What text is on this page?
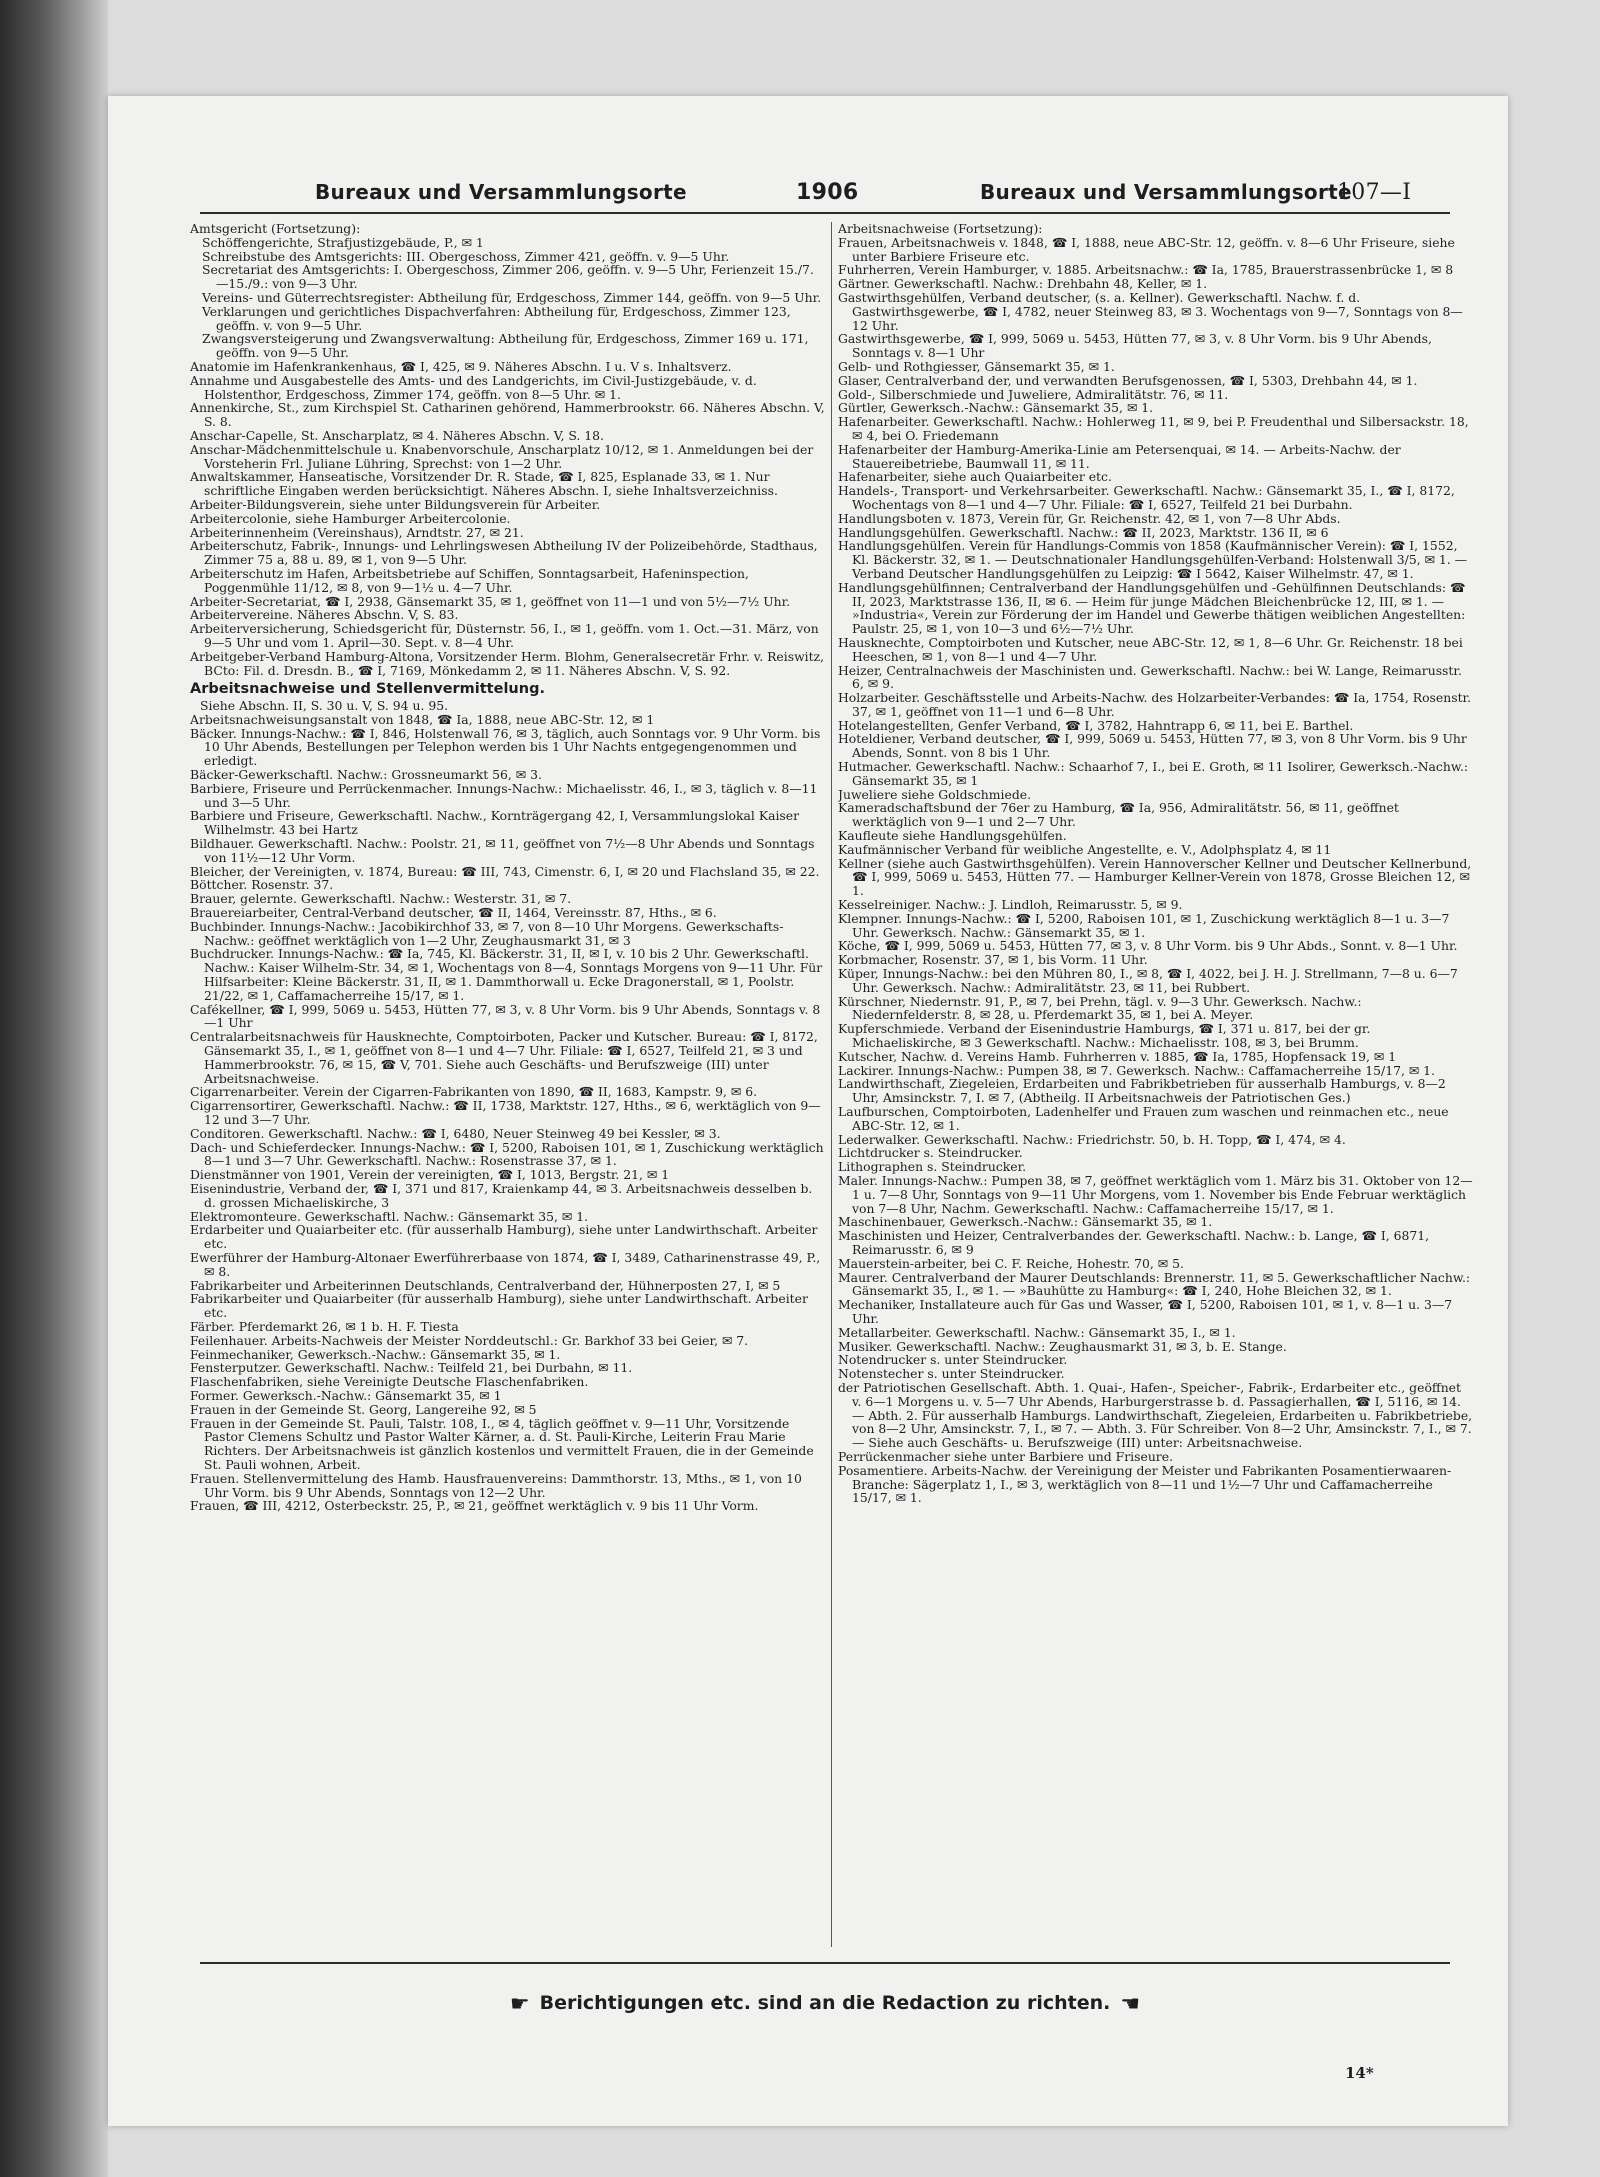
Bureaux und Versammlungsorte	1906	Bureaux und Versammlungsorte
107—I

Amtsgericht (Fortsetzung):

Schöffengerichte, Strafjustizgebäude, P., ✉ 1

Schreibstube des Amtsgerichts: III. Obergeschoss, Zimmer 421, geöffn. v. 9—5 Uhr.

Secretariat des Amtsgerichts: I. Obergeschoss, Zimmer 206, geöffn. v. 9—5 Uhr, Ferienzeit 15./7.—15./9.: von 9—3 Uhr.

Vereins- und Güterrechtsregister: Abtheilung für, Erdgeschoss, Zimmer 144, geöffn. von 9—5 Uhr.

Verklarungen und gerichtliches Dispachverfahren: Abtheilung für, Erdgeschoss, Zimmer 123, geöffn. v. von 9—5 Uhr.

Zwangsversteigerung und Zwangsverwaltung: Abtheilung für, Erdgeschoss, Zimmer 169 u. 171, geöffn. von 9—5 Uhr.

Anatomie im Hafenkrankenhaus, ☎ I, 425, ✉ 9. Näheres Abschn. I u. V s. Inhaltsverz.

Annahme und Ausgabestelle des Amts- und des Landgerichts, im Civil-Justizgebäude, v. d. Holstenthor, Erdgeschoss, Zimmer 174, geöffn. von 8—5 Uhr. ✉ 1.

Annenkirche, St., zum Kirchspiel St. Catharinen gehörend, Hammerbrookstr. 66. Näheres Abschn. V, S. 8.

Anschar-Capelle, St. Anscharplatz, ✉ 4. Näheres Abschn. V, S. 18.

Anschar-Mädchenmittelschule u. Knabenvorschule, Anscharplatz 10/12, ✉ 1. Anmeldungen bei der Vorsteherin Frl. Juliane Lühring, Sprechst: von 1—2 Uhr.

Anwaltskammer, Hanseatische, Vorsitzender Dr. R. Stade, ☎ I, 825, Esplanade 33, ✉ 1. Nur schriftliche Eingaben werden berücksichtigt. Näheres Abschn. I, siehe Inhaltsverzeichniss.

Arbeiter-Bildungsverein, siehe unter Bildungsverein für Arbeiter.

Arbeitercolonie, siehe Hamburger Arbeitercolonie.

Arbeiterinnenheim (Vereinshaus), Arndtstr. 27, ✉ 21.

Arbeiterschutz, Fabrik-, Innungs- und Lehrlingswesen Abtheilung IV der Polizeibehörde, Stadthaus, Zimmer 75 a, 88 u. 89, ✉ 1, von 9—5 Uhr.

Arbeiterschutz im Hafen, Arbeitsbetriebe auf Schiffen, Sonntagsarbeit, Hafeninspection, Poggenmühle 11/12, ✉ 8, von 9—1½ u. 4—7 Uhr.

Arbeiter-Secretariat, ☎ I, 2938, Gänsemarkt 35, ✉ 1, geöffnet von 11—1 und von 5½—7½ Uhr.

Arbeitervereine. Näheres Abschn. V, S. 83.

Arbeiterversicherung, Schiedsgericht für, Düsternstr. 56, I., ✉ 1, geöffn. vom 1. Oct.—31. März, von 9—5 Uhr und vom 1. April—30. Sept. v. 8—4 Uhr.

Arbeitgeber-Verband Hamburg-Altona, Vorsitzender Herm. Blohm, Generalsecretär Frhr. v. Reiswitz, BCto: Fil. d. Dresdn. B., ☎ I, 7169, Mönkedamm 2, ✉ 11. Näheres Abschn. V, S. 92.

Arbeitsnachweise und Stellenvermittelung.

Siehe Abschn. II, S. 30 u. V, S. 94 u. 95.

Arbeitsnachweisungsanstalt von 1848, ☎ Ia, 1888, neue ABC-Str. 12, ✉ 1

Bäcker. Innungs-Nachw.: ☎ I, 846, Holstenwall 76, ✉ 3, täglich, auch Sonntags vor. 9 Uhr Vorm. bis 10 Uhr Abends, Bestellungen per Telephon werden bis 1 Uhr Nachts entgegengenommen und erledigt.

Bäcker-Gewerkschaftl. Nachw.: Grossneumarkt 56, ✉ 3.

Barbiere, Friseure und Perrückenmacher. Innungs-Nachw.: Michaelisstr. 46, I., ✉ 3, täglich v. 8—11 und 3—5 Uhr.

Barbiere und Friseure, Gewerkschaftl. Nachw., Kornträgergang 42, I, Versammlungslokal Kaiser Wilhelmstr. 43 bei Hartz

Bildhauer. Gewerkschaftl. Nachw.: Poolstr. 21, ✉ 11, geöffnet von 7½—8 Uhr Abends und Sonntags von 11½—12 Uhr Vorm.

Bleicher, der Vereinigten, v. 1874, Bureau: ☎ III, 743, Cimenstr. 6, I, ✉ 20 und Flachsland 35, ✉ 22.

Böttcher. Rosenstr. 37.

Brauer, gelernte. Gewerkschaftl. Nachw.: Westerstr. 31, ✉ 7.

Brauereiarbeiter, Central-Verband deutscher, ☎ II, 1464, Vereinsstr. 87, Hths., ✉ 6.

Buchbinder. Innungs-Nachw.: Jacobikirchhof 33, ✉ 7, von 8—10 Uhr Morgens. Gewerkschafts-Nachw.: geöffnet werktäglich von 1—2 Uhr, Zeughausmarkt 31, ✉ 3

Buchdrucker. Innungs-Nachw.: ☎ Ia, 745, Kl. Bäckerstr. 31, II, ✉ I, v. 10 bis 2 Uhr. Gewerkschaftl. Nachw.: Kaiser Wilhelm-Str. 34, ✉ 1, Wochentags von 8—4, Sonntags Morgens von 9—11 Uhr. Für Hilfsarbeiter: Kleine Bäckerstr. 31, II, ✉ 1. Dammthorwall u. Ecke Dragonerstall, ✉ 1, Poolstr. 21/22, ✉ 1, Caffamacherreihe 15/17, ✉ 1.

Cafékellner, ☎ I, 999, 5069 u. 5453, Hütten 77, ✉ 3, v. 8 Uhr Vorm. bis 9 Uhr Abends, Sonntags v. 8—1 Uhr

Centralarbeitsnachweis für Hausknechte, Comptoirboten, Packer und Kutscher. Bureau: ☎ I, 8172, Gänsemarkt 35, I., ✉ 1, geöffnet von 8—1 und 4—7 Uhr. Filiale: ☎ I, 6527, Teilfeld 21, ✉ 3 und Hammerbrookstr. 76, ✉ 15, ☎ V, 701. Siehe auch Geschäfts- und Berufszweige (III) unter Arbeitsnachweise.

Cigarrenarbeiter. Verein der Cigarren-Fabrikanten von 1890, ☎ II, 1683, Kampstr. 9, ✉ 6.

Cigarrensortirer, Gewerkschaftl. Nachw.: ☎ II, 1738, Marktstr. 127, Hths., ✉ 6, werktäglich von 9—12 und 3—7 Uhr.

Conditoren. Gewerkschaftl. Nachw.: ☎ I, 6480, Neuer Steinweg 49 bei Kessler, ✉ 3.

Dach- und Schieferdecker. Innungs-Nachw.: ☎ I, 5200, Raboisen 101, ✉ 1, Zuschickung werktäglich 8—1 und 3—7 Uhr. Gewerkschaftl. Nachw.: Rosenstrasse 37, ✉ 1.

Dienstmänner von 1901, Verein der vereinigten, ☎ I, 1013, Bergstr. 21, ✉ 1

Eisenindustrie, Verband der, ☎ I, 371 und 817, Kraienkamp 44, ✉ 3. Arbeitsnachweis desselben b. d. grossen Michaeliskirche, 3

Elektromonteure. Gewerkschaftl. Nachw.: Gänsemarkt 35, ✉ 1.

Erdarbeiter und Quaiarbeiter etc. (für ausserhalb Hamburg), siehe unter Landwirthschaft. Arbeiter etc.

Ewerführer der Hamburg-Altonaer Ewerführerbaase von 1874, ☎ I, 3489, Catharinenstrasse 49, P., ✉ 8.

Fabrikarbeiter und Arbeiterinnen Deutschlands, Centralverband der, Hühnerposten 27, I, ✉ 5

Fabrikarbeiter und Quaiarbeiter (für ausserhalb Hamburg), siehe unter Landwirthschaft. Arbeiter etc.

Färber. Pferdemarkt 26, ✉ 1 b. H. F. Tiesta

Feilenhauer. Arbeits-Nachweis der Meister Norddeutschl.: Gr. Barkhof 33 bei Geier, ✉ 7.

Feinmechaniker, Gewerksch.-Nachw.: Gänsemarkt 35, ✉ 1.

Fensterputzer. Gewerkschaftl. Nachw.: Teilfeld 21, bei Durbahn, ✉ 11.

Flaschenfabriken, siehe Vereinigte Deutsche Flaschenfabriken.

Former. Gewerksch.-Nachw.: Gänsemarkt 35, ✉ 1

Frauen in der Gemeinde St. Georg, Langereihe 92, ✉ 5

Frauen in der Gemeinde St. Pauli, Talstr. 108, I., ✉ 4, täglich geöffnet v. 9—11 Uhr, Vorsitzende Pastor Clemens Schultz und Pastor Walter Kärner, a. d. St. Pauli-Kirche, Leiterin Frau Marie Richters. Der Arbeitsnachweis ist gänzlich kostenlos und vermittelt Frauen, die in der Gemeinde St. Pauli wohnen, Arbeit.

Frauen. Stellenvermittelung des Hamb. Hausfrauenvereins: Dammthorstr. 13, Mths., ✉ 1, von 10 Uhr Vorm. bis 9 Uhr Abends, Sonntags von 12—2 Uhr.

Frauen, ☎ III, 4212, Osterbeckstr. 25, P., ✉ 21, geöffnet werktäglich v. 9 bis 11 Uhr Vorm.

Arbeitsnachweise (Fortsetzung):

Frauen, Arbeitsnachweis v. 1848, ☎ I, 1888, neue ABC-Str. 12, geöffn. v. 8—6 Uhr Friseure, siehe unter Barbiere Friseure etc.

Fuhrherren, Verein Hamburger, v. 1885. Arbeitsnachw.: ☎ Ia, 1785, Brauerstrassenbrücke 1, ✉ 8

Gärtner. Gewerkschaftl. Nachw.: Drehbahn 48, Keller, ✉ 1.

Gastwirthsgehülfen, Verband deutscher, (s. a. Kellner). Gewerkschaftl. Nachw. f. d. Gastwirthsgewerbe, ☎ I, 4782, neuer Steinweg 83, ✉ 3. Wochentags von 9—7, Sonntags von 8—12 Uhr.

Gastwirthsgewerbe, ☎ I, 999, 5069 u. 5453, Hütten 77, ✉ 3, v. 8 Uhr Vorm. bis 9 Uhr Abends, Sonntags v. 8—1 Uhr

Gelb- und Rothgiesser, Gänsemarkt 35, ✉ 1.

Glaser, Centralverband der, und verwandten Berufsgenossen, ☎ I, 5303, Drehbahn 44, ✉ 1.

Gold-, Silberschmiede und Juweliere, Admiralitätstr. 76, ✉ 11.

Gürtler, Gewerksch.-Nachw.: Gänsemarkt 35, ✉ 1.

Hafenarbeiter. Gewerkschaftl. Nachw.: Hohlerweg 11, ✉ 9, bei P. Freudenthal und Silbersackstr. 18, ✉ 4, bei O. Friedemann

Hafenarbeiter der Hamburg-Amerika-Linie am Petersenquai, ✉ 14. — Arbeits-Nachw. der Stauereibetriebe, Baumwall 11, ✉ 11.

Hafenarbeiter, siehe auch Quaiarbeiter etc.

Handels-, Transport- und Verkehrsarbeiter. Gewerkschaftl. Nachw.: Gänsemarkt 35, I., ☎ I, 8172, Wochentags von 8—1 und 4—7 Uhr. Filiale: ☎ I, 6527, Teilfeld 21 bei Durbahn.

Handlungsboten v. 1873, Verein für, Gr. Reichenstr. 42, ✉ 1, von 7—8 Uhr Abds.

Handlungsgehülfen. Gewerkschaftl. Nachw.: ☎ II, 2023, Marktstr. 136 II, ✉ 6

Handlungsgehülfen. Verein für Handlungs-Commis von 1858 (Kaufmännischer Verein): ☎ I, 1552, Kl. Bäckerstr. 32, ✉ 1. — Deutschnationaler Handlungsgehülfen-Verband: Holstenwall 3/5, ✉ 1. — Verband Deutscher Handlungsgehülfen zu Leipzig: ☎ I 5642, Kaiser Wilhelmstr. 47, ✉ 1.

Handlungsgehülfinnen; Centralverband der Handlungsgehülfen und -Gehülfinnen Deutschlands: ☎ II, 2023, Marktstrasse 136, II, ✉ 6. — Heim für junge Mädchen Bleichenbrücke 12, III, ✉ 1. — »Industria«, Verein zur Förderung der im Handel und Gewerbe thätigen weiblichen Angestellten: Paulstr. 25, ✉ 1, von 10—3 und 6½—7½ Uhr.

Hausknechte, Comptoirboten und Kutscher, neue ABC-Str. 12, ✉ 1, 8—6 Uhr. Gr. Reichenstr. 18 bei Heeschen, ✉ 1, von 8—1 und 4—7 Uhr.

Heizer, Centralnachweis der Maschinisten und. Gewerkschaftl. Nachw.: bei W. Lange, Reimarusstr. 6, ✉ 9.

Holzarbeiter. Geschäftsstelle und Arbeits-Nachw. des Holzarbeiter-Verbandes: ☎ Ia, 1754, Rosenstr. 37, ✉ 1, geöffnet von 11—1 und 6—8 Uhr.

Hotelangestellten, Genfer Verband, ☎ I, 3782, Hahntrapp 6, ✉ 11, bei E. Barthel.

Hoteldiener, Verband deutscher, ☎ I, 999, 5069 u. 5453, Hütten 77, ✉ 3, von 8 Uhr Vorm. bis 9 Uhr Abends, Sonnt. von 8 bis 1 Uhr.

Hutmacher. Gewerkschaftl. Nachw.: Schaarhof 7, I., bei E. Groth, ✉ 11 Isolirer, Gewerksch.-Nachw.: Gänsemarkt 35, ✉ 1

Juweliere siehe Goldschmiede.

Kameradschaftsbund der 76er zu Hamburg, ☎ Ia, 956, Admiralitätstr. 56, ✉ 11, geöffnet werktäglich von 9—1 und 2—7 Uhr.

Kaufleute siehe Handlungsgehülfen.

Kaufmännischer Verband für weibliche Angestellte, e. V., Adolphsplatz 4, ✉ 11

Kellner (siehe auch Gastwirthsgehülfen). Verein Hannoverscher Kellner und Deutscher Kellnerbund, ☎ I, 999, 5069 u. 5453, Hütten 77. — Hamburger Kellner-Verein von 1878, Grosse Bleichen 12, ✉ 1.

Kesselreiniger. Nachw.: J. Lindloh, Reimarusstr. 5, ✉ 9.

Klempner. Innungs-Nachw.: ☎ I, 5200, Raboisen 101, ✉ 1, Zuschickung werktäglich 8—1 u. 3—7 Uhr. Gewerksch. Nachw.: Gänsemarkt 35, ✉ 1.

Köche, ☎ I, 999, 5069 u. 5453, Hütten 77, ✉ 3, v. 8 Uhr Vorm. bis 9 Uhr Abds., Sonnt. v. 8—1 Uhr.

Korbmacher, Rosenstr. 37, ✉ 1, bis Vorm. 11 Uhr.

Küper, Innungs-Nachw.: bei den Mühren 80, I., ✉ 8, ☎ I, 4022, bei J. H. J. Strellmann, 7—8 u. 6—7 Uhr. Gewerksch. Nachw.: Admiralitätstr. 23, ✉ 11, bei Rubbert.

Kürschner, Niedernstr. 91, P., ✉ 7, bei Prehn, tägl. v. 9—3 Uhr. Gewerksch. Nachw.: Niedernfelderstr. 8, ✉ 28, u. Pferdemarkt 35, ✉ 1, bei A. Meyer.

Kupferschmiede. Verband der Eisenindustrie Hamburgs, ☎ I, 371 u. 817, bei der gr. Michaeliskirche, ✉ 3 Gewerkschaftl. Nachw.: Michaelisstr. 108, ✉ 3, bei Brumm.

Kutscher, Nachw. d. Vereins Hamb. Fuhrherren v. 1885, ☎ Ia, 1785, Hopfensack 19, ✉ 1

Lackirer. Innungs-Nachw.: Pumpen 38, ✉ 7. Gewerksch. Nachw.: Caffamacherreihe 15/17, ✉ 1.

Landwirthschaft, Ziegeleien, Erdarbeiten und Fabrikbetrieben für ausserhalb Hamburgs, v. 8—2 Uhr, Amsinckstr. 7, I. ✉ 7, (Abtheilg. II Arbeitsnachweis der Patriotischen Ges.)

Laufburschen, Comptoirboten, Ladenhelfer und Frauen zum waschen und reinmachen etc., neue ABC-Str. 12, ✉ 1.

Lederwalker. Gewerkschaftl. Nachw.: Friedrichstr. 50, b. H. Topp, ☎ I, 474, ✉ 4.

Lichtdrucker s. Steindrucker.

Lithographen s. Steindrucker.

Maler. Innungs-Nachw.: Pumpen 38, ✉ 7, geöffnet werktäglich vom 1. März bis 31. Oktober von 12—1 u. 7—8 Uhr, Sonntags von 9—11 Uhr Morgens, vom 1. November bis Ende Februar werktäglich von 7—8 Uhr, Nachm. Gewerkschaftl. Nachw.: Caffamacherreihe 15/17, ✉ 1.

Maschinenbauer, Gewerksch.-Nachw.: Gänsemarkt 35, ✉ 1.

Maschinisten und Heizer, Centralverbandes der. Gewerkschaftl. Nachw.: b. Lange, ☎ I, 6871, Reimarusstr. 6, ✉ 9

Mauerstein-arbeiter, bei C. F. Reiche, Hohestr. 70, ✉ 5.

Maurer. Centralverband der Maurer Deutschlands: Brennerstr. 11, ✉ 5. Gewerkschaftlicher Nachw.: Gänsemarkt 35, I., ✉ 1. — »Bauhütte zu Hamburg«: ☎ I, 240, Hohe Bleichen 32, ✉ 1.

Mechaniker, Installateure auch für Gas und Wasser, ☎ I, 5200, Raboisen 101, ✉ 1, v. 8—1 u. 3—7 Uhr.

Metallarbeiter. Gewerkschaftl. Nachw.: Gänsemarkt 35, I., ✉ 1.

Musiker. Gewerkschaftl. Nachw.: Zeughausmarkt 31, ✉ 3, b. E. Stange.

Notendrucker s. unter Steindrucker.

Notenstecher s. unter Steindrucker.

der Patriotischen Gesellschaft. Abth. 1. Quai-, Hafen-, Speicher-, Fabrik-, Erdarbeiter etc., geöffnet v. 6—1 Morgens u. v. 5—7 Uhr Abends, Harburgerstrasse b. d. Passagierhallen, ☎ I, 5116, ✉ 14. — Abth. 2. Für ausserhalb Hamburgs. Landwirthschaft, Ziegeleien, Erdarbeiten u. Fabrikbetriebe, von 8—2 Uhr, Amsinckstr. 7, I., ✉ 7. — Abth. 3. Für Schreiber. Von 8—2 Uhr, Amsinckstr. 7, I., ✉ 7. — Siehe auch Geschäfts- u. Berufszweige (III) unter: Arbeitsnachweise.

Perrückenmacher siehe unter Barbiere und Friseure.

Posamentiere. Arbeits-Nachw. der Vereinigung der Meister und Fabrikanten Posamentierwaaren-Branche: Sägerplatz 1, I., ✉ 3, werktäglich von 8—11 und 1½—7 Uhr und Caffamacherreihe 15/17, ✉ 1.

☛ Berichtigungen etc. sind an die Redaction zu richten. ☚
14*
